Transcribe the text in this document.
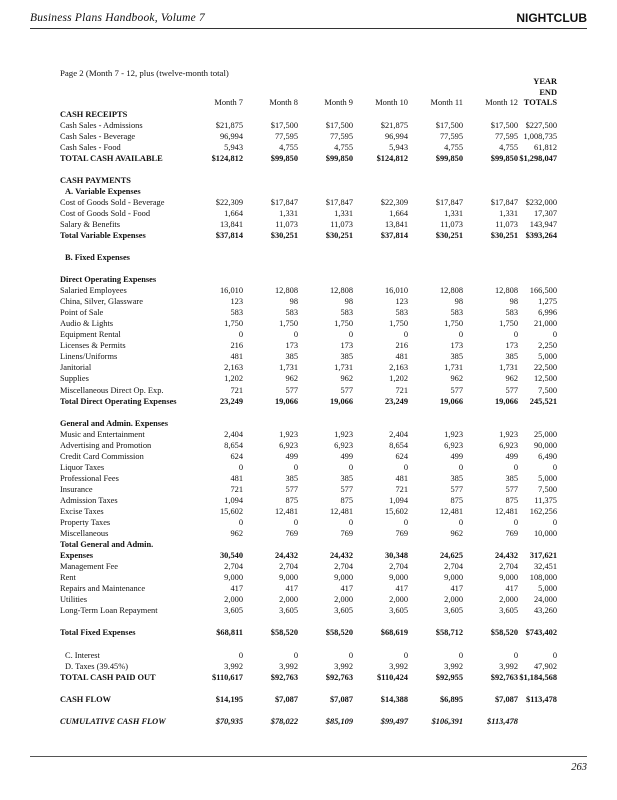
Business Plans Handbook, Volume 7	NIGHTCLUB
Page 2 (Month 7 - 12, plus (twelve-month total)
	Month 7	Month 8	Month 9	Month 10	Month 11	Month 12	YEAR END TOTALS
CASH RECEIPTS							
Cash Sales - Admissions	$21,875	$17,500	$17,500	$21,875	$17,500	$17,500	$227,500
Cash Sales - Beverage	96,994	77,595	77,595	96,994	77,595	77,595	1,008,735
Cash Sales - Food	5,943	4,755	4,755	5,943	4,755	4,755	61,812
TOTAL CASH AVAILABLE	$124,812	$99,850	$99,850	$124,812	$99,850	$99,850	$1,298,047

CASH PAYMENTS							
A. Variable Expenses							
Cost of Goods Sold - Beverage	$22,309	$17,847	$17,847	$22,309	$17,847	$17,847	$232,000
Cost of Goods Sold - Food	1,664	1,331	1,331	1,664	1,331	1,331	17,307
Salary & Benefits	13,841	11,073	11,073	13,841	11,073	11,073	143,947
Total Variable Expenses	$37,814	$30,251	$30,251	$37,814	$30,251	$30,251	$393,264

B. Fixed Expenses							

Direct Operating Expenses							
Salaried Employees	16,010	12,808	12,808	16,010	12,808	12,808	166,500
China, Silver, Glassware	123	98	98	123	98	98	1,275
Point of Sale	583	583	583	583	583	583	6,996
Audio & Lights	1,750	1,750	1,750	1,750	1,750	1,750	21,000
Equipment Rental	0	0	0	0	0	0	0
Licenses & Permits	216	173	173	216	173	173	2,250
Linens/Uniforms	481	385	385	481	385	385	5,000
Janitorial	2,163	1,731	1,731	2,163	1,731	1,731	22,500
Supplies	1,202	962	962	1,202	962	962	12,500
Miscellaneous Direct Op. Exp.	721	577	577	721	577	577	7,500
Total Direct Operating Expenses	23,249	19,066	19,066	23,249	19,066	19,066	245,521

General and Admin. Expenses							
Music and Entertainment	2,404	1,923	1,923	2,404	1,923	1,923	25,000
Advertising and Promotion	8,654	6,923	6,923	8,654	6,923	6,923	90,000
Credit Card Commission	624	499	499	624	499	499	6,490
Liquor Taxes	0	0	0	0	0	0	0
Professional Fees	481	385	385	481	385	385	5,000
Insurance	721	577	577	721	577	577	7,500
Admission Taxes	1,094	875	875	1,094	875	875	11,375
Excise Taxes	15,602	12,481	12,481	15,602	12,481	12,481	162,256
Property Taxes	0	0	0	0	0	0	0
Miscellaneous	962	769	769	769	962	769	10,000
Total General and Admin.							
Expenses	30,540	24,432	24,432	30,348	24,625	24,432	317,621
Management Fee	2,704	2,704	2,704	2,704	2,704	2,704	32,451
Rent	9,000	9,000	9,000	9,000	9,000	9,000	108,000
Repairs and Maintenance	417	417	417	417	417	417	5,000
Utilities	2,000	2,000	2,000	2,000	2,000	2,000	24,000
Long-Term Loan Repayment	3,605	3,605	3,605	3,605	3,605	3,605	43,260

Total Fixed Expenses	$68,811	$58,520	$58,520	$68,619	$58,712	$58,520	$743,402

C. Interest	0	0	0	0	0	0	0
D. Taxes (39.45%)	3,992	3,992	3,992	3,992	3,992	3,992	47,902
TOTAL CASH PAID OUT	$110,617	$92,763	$92,763	$110,424	$92,955	$92,763	$1,184,568

CASH FLOW	$14,195	$7,087	$7,087	$14,388	$6,895	$7,087	$113,478

CUMULATIVE CASH FLOW	$70,935	$78,022	$85,109	$99,497	$106,391	$113,478	
263
